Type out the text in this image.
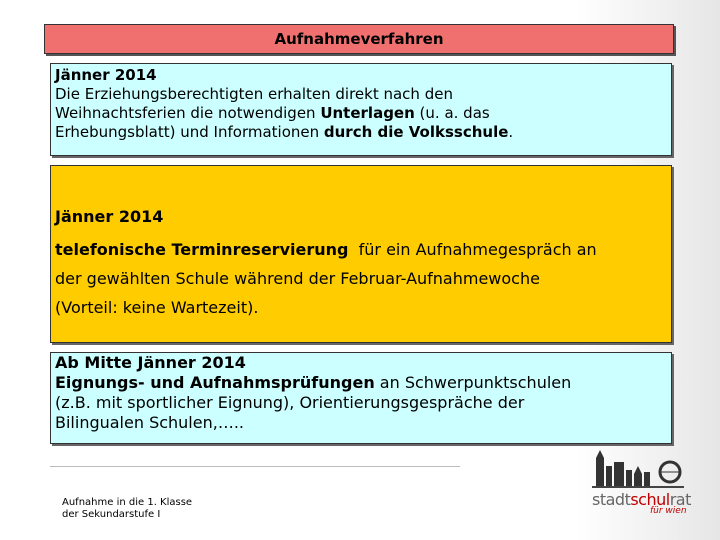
Aufnahmeverfahren

Jänner 2014

Die Erziehungsberechtigten erhalten direkt nach den

Weihnachtsferien die notwendigen Unterlagen (u. a. das

Erhebungsblatt) und Informationen durch die Volksschule.

Jänner 2014

telefonische Terminreservierung  für ein Aufnahmegespräch an

der gewählten Schule während der Februar-Aufnahmewoche

(Vorteil: keine Wartezeit).

Ab Mitte Jänner 2014

Eignungs- und Aufnahmsprüfungen an Schwerpunktschulen

(z.B. mit sportlicher Eignung), Orientierungsgespräche der

Bilingualen Schulen,…..

Aufnahme in die 1. Klasse
der Sekundarstufe I
stadtschulrat
für wien
